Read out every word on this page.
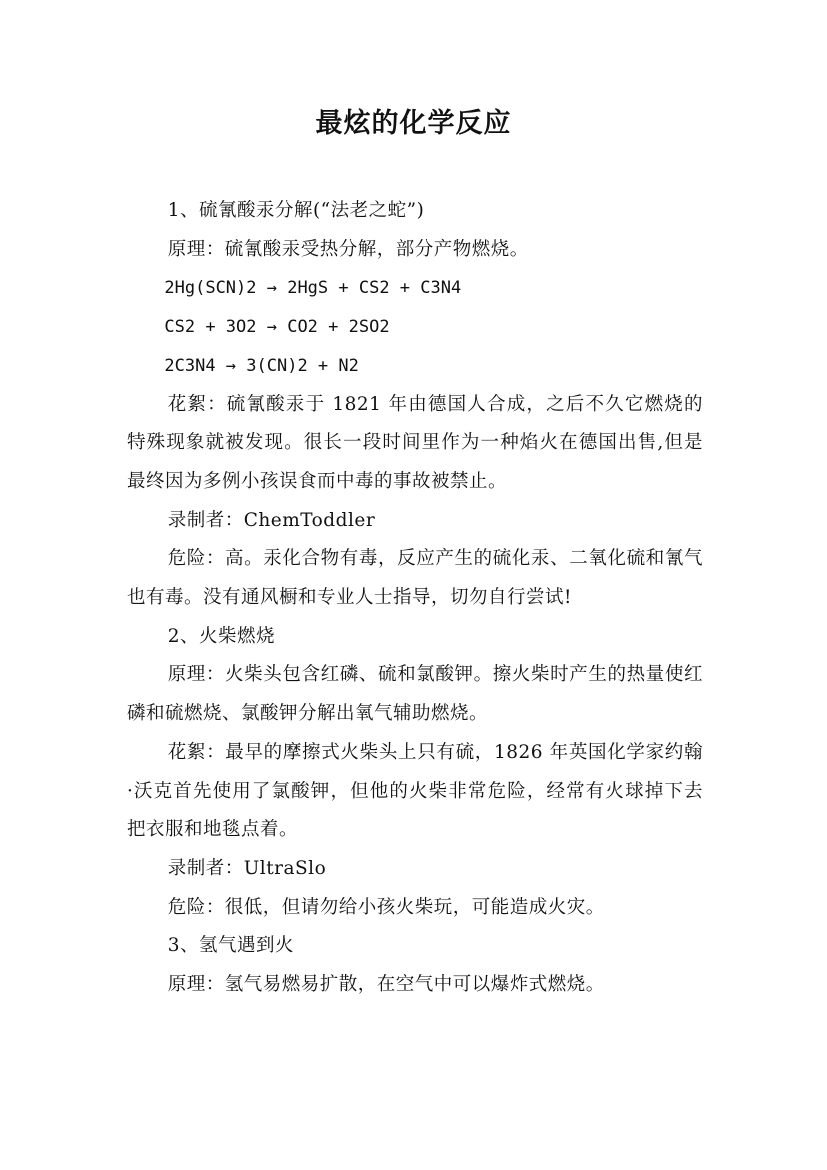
最炫的化学反应

1、硫氰酸汞分解(“法老之蛇”)

原理：硫氰酸汞受热分解，部分产物燃烧。

2Hg(SCN)2 → 2HgS + CS2 + C3N4

CS2 + 3O2 → CO2 + 2SO2

2C3N4 → 3(CN)2 + N2

花絮：硫氰酸汞于 1821 年由德国人合成，之后不久它燃烧的特殊现象就被发现。很长一段时间里作为一种焰火在德国出售,但是最终因为多例小孩误食而中毒的事故被禁止。

录制者：ChemToddler

危险：高。汞化合物有毒，反应产生的硫化汞、二氧化硫和氰气也有毒。没有通风橱和专业人士指导，切勿自行尝试!

2、火柴燃烧

原理：火柴头包含红磷、硫和氯酸钾。擦火柴时产生的热量使红磷和硫燃烧、氯酸钾分解出氧气辅助燃烧。

花絮：最早的摩擦式火柴头上只有硫，1826 年英国化学家约翰·沃克首先使用了氯酸钾，但他的火柴非常危险，经常有火球掉下去把衣服和地毯点着。

录制者：UltraSlo

危险：很低，但请勿给小孩火柴玩，可能造成火灾。

3、氢气遇到火

原理：氢气易燃易扩散，在空气中可以爆炸式燃烧。
